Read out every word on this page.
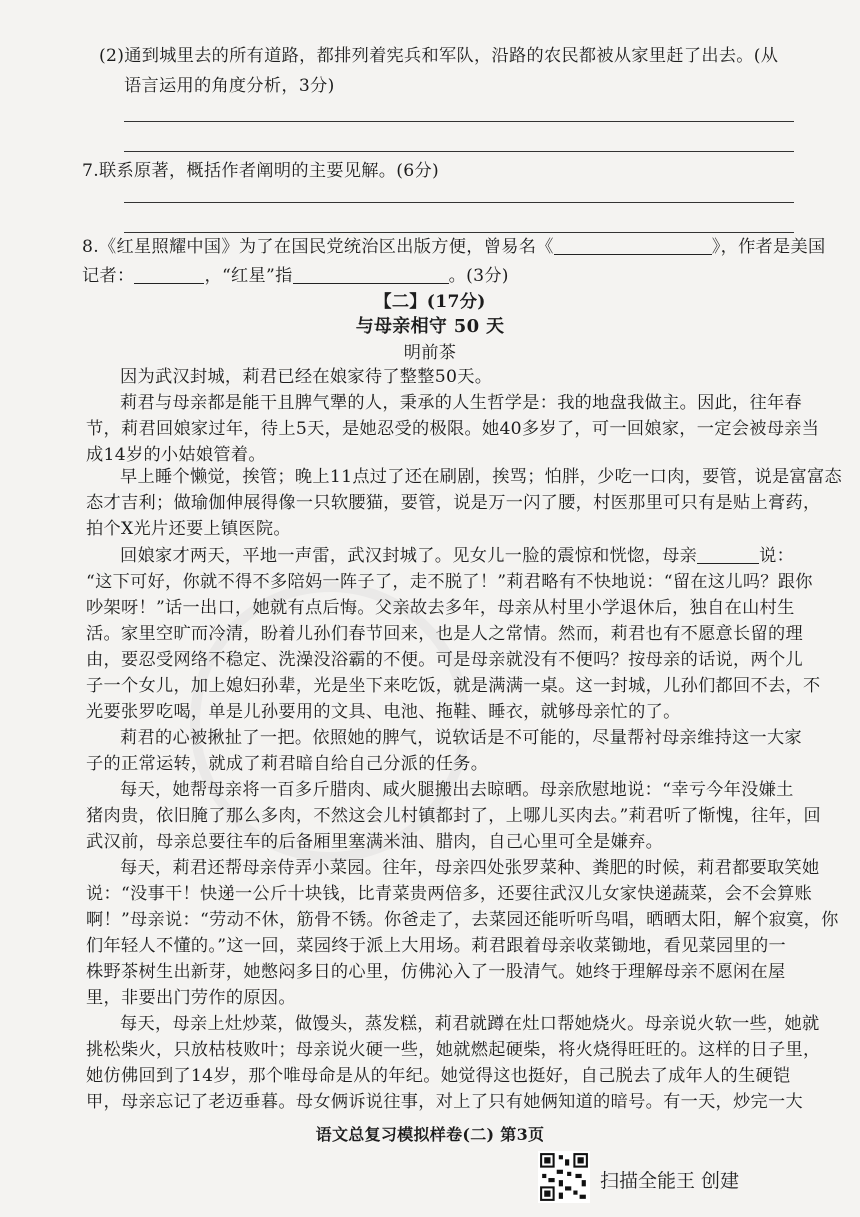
(2)通到城里去的所有道路，都排列着宪兵和军队，沿路的农民都被从家里赶了出去。(从
语言运用的角度分析，3分)
7.联系原著，概括作者阐明的主要见解。(6分)
8.《红星照耀中国》为了在国民党统治区出版方便，曾易名《	》，作者是美国
记者：	，“红星”指	。(3分)
【二】(17分)
与母亲相守 50 天
明前茶
因为武汉封城，莉君已经在娘家待了整整50天。
莉君与母亲都是能干且脾气犟的人，秉承的人生哲学是：我的地盘我做主。因此，往年春
节，莉君回娘家过年，待上5天，是她忍受的极限。她40多岁了，可一回娘家，一定会被母亲当
成14岁的小姑娘管着。
早上睡个懒觉，挨管；晚上11点过了还在刷剧，挨骂；怕胖，少吃一口肉，要管，说是富富态
态才吉利；做瑜伽伸展得像一只软腰猫，要管，说是万一闪了腰，村医那里可只有是贴上膏药，
拍个X光片还要上镇医院。
回娘家才两天，平地一声雷，武汉封城了。见女儿一脸的震惊和恍惚，母亲	说：
“这下可好，你就不得不多陪妈一阵子了，走不脱了！”莉君略有不快地说：“留在这儿吗？跟你
吵架呀！”话一出口，她就有点后悔。父亲故去多年，母亲从村里小学退休后，独自在山村生
活。家里空旷而冷清，盼着儿孙们春节回来，也是人之常情。然而，莉君也有不愿意长留的理
由，要忍受网络不稳定、洗澡没浴霸的不便。可是母亲就没有不便吗？按母亲的话说，两个儿
子一个女儿，加上媳妇孙辈，光是坐下来吃饭，就是满满一桌。这一封城，儿孙们都回不去，不
光要张罗吃喝，单是儿孙要用的文具、电池、拖鞋、睡衣，就够母亲忙的了。
莉君的心被揪扯了一把。依照她的脾气，说软话是不可能的，尽量帮衬母亲维持这一大家
子的正常运转，就成了莉君暗自给自己分派的任务。
每天，她帮母亲将一百多斤腊肉、咸火腿搬出去晾晒。母亲欣慰地说：“幸亏今年没嫌土
猪肉贵，依旧腌了那么多肉，不然这会儿村镇都封了，上哪儿买肉去。”莉君听了惭愧，往年，回
武汉前，母亲总要往车的后备厢里塞满米油、腊肉，自己心里可全是嫌弃。
每天，莉君还帮母亲侍弄小菜园。往年，母亲四处张罗菜种、粪肥的时候，莉君都要取笑她
说：“没事干！快递一公斤十块钱，比青菜贵两倍多，还要往武汉儿女家快递蔬菜，会不会算账
啊！”母亲说：“劳动不休，筋骨不锈。你爸走了，去菜园还能听听鸟唱，晒晒太阳，解个寂寞，你
们年轻人不懂的。”这一回，菜园终于派上大用场。莉君跟着母亲收菜锄地，看见菜园里的一
株野茶树生出新芽，她憋闷多日的心里，仿佛沁入了一股清气。她终于理解母亲不愿闲在屋
里，非要出门劳作的原因。
每天，母亲上灶炒菜，做馒头，蒸发糕，莉君就蹲在灶口帮她烧火。母亲说火软一些，她就
挑松柴火，只放枯枝败叶；母亲说火硬一些，她就燃起硬柴，将火烧得旺旺的。这样的日子里，
她仿佛回到了14岁，那个唯母命是从的年纪。她觉得这也挺好，自己脱去了成年人的生硬铠
甲，母亲忘记了老迈垂暮。母女俩诉说往事，对上了只有她俩知道的暗号。有一天，炒完一大
语文总复习模拟样卷(二) 第3页
扫描全能王 创建
